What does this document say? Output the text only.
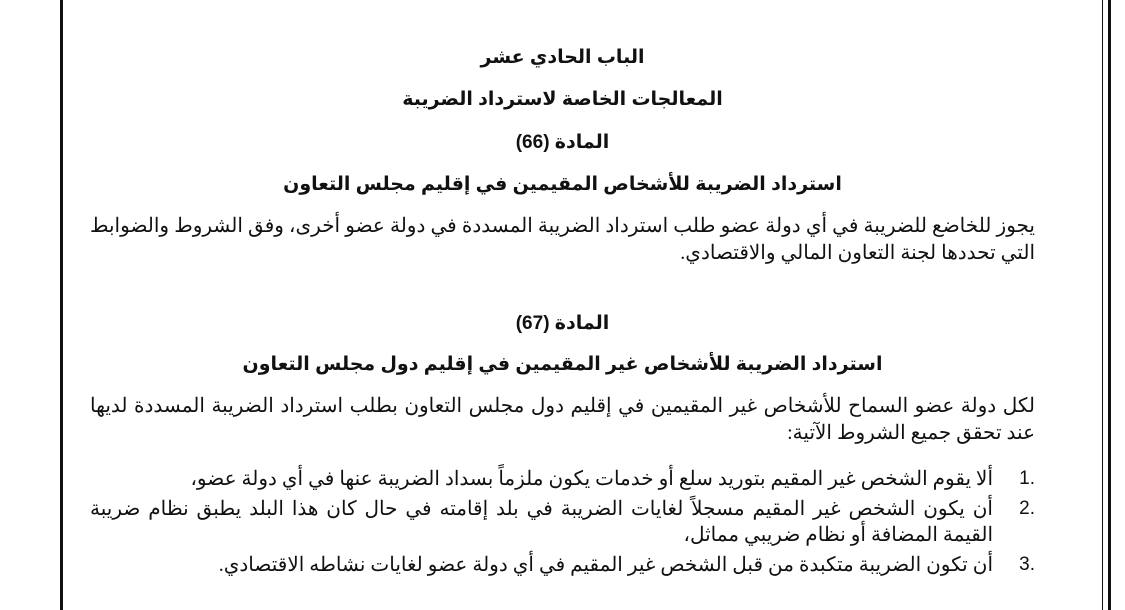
الباب الحادي عشر
المعالجات الخاصة لاسترداد الضريبة
المادة (66)
استرداد الضريبة للأشخاص المقيمين في إقليم مجلس التعاون
يجوز للخاضع للضريبة في أي دولة عضو طلب استرداد الضريبة المسددة في دولة عضو أخرى، وفق الشروط والضوابط التي تحددها لجنة التعاون المالي والاقتصادي.
المادة (67)
استرداد الضريبة للأشخاص غير المقيمين في إقليم دول مجلس التعاون
لكل دولة عضو السماح للأشخاص غير المقيمين في إقليم دول مجلس التعاون بطلب استرداد الضريبة المسددة لديها عند تحقق جميع الشروط الآتية:
1.
ألا يقوم الشخص غير المقيم بتوريد سلع أو خدمات يكون ملزماً بسداد الضريبة عنها في أي دولة عضو،
2.
أن يكون الشخص غير المقيم مسجلاً لغايات الضريبة في بلد إقامته في حال كان هذا البلد يطبق نظام ضريبة القيمة المضافة أو نظام ضريبي مماثل،
3.
أن تكون الضريبة متكبدة من قبل الشخص غير المقيم في أي دولة عضو لغايات نشاطه الاقتصادي.
